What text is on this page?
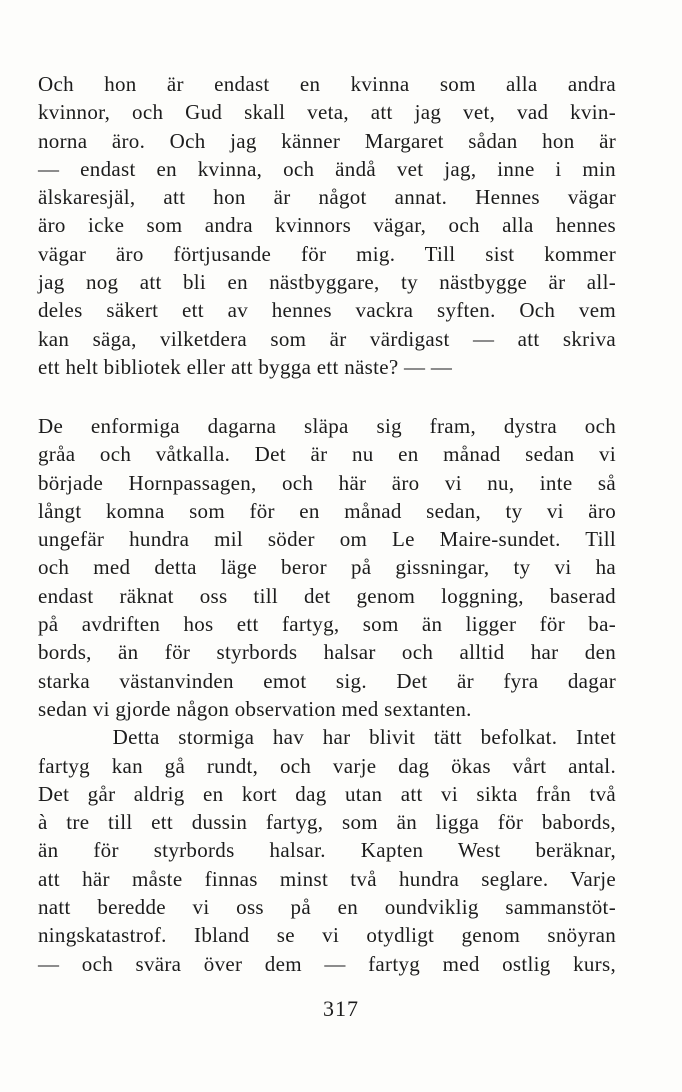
Och hon är endast en kvinna som alla andra
kvinnor, och Gud skall veta, att jag vet, vad kvin-
norna äro. Och jag känner Margaret sådan hon är
— endast en kvinna, och ändå vet jag, inne i min
älskaresjäl, att hon är något annat. Hennes vägar
äro icke som andra kvinnors vägar, och alla hennes
vägar äro förtjusande för mig. Till sist kommer
jag nog att bli en nästbyggare, ty nästbygge är all-
deles säkert ett av hennes vackra syften. Och vem
kan säga, vilketdera som är värdigast — att skriva
ett helt bibliotek eller att bygga ett näste? — —
De enformiga dagarna släpa sig fram, dystra och
gråa och våtkalla. Det är nu en månad sedan vi
började Hornpassagen, och här äro vi nu, inte så
långt komna som för en månad sedan, ty vi äro
ungefär hundra mil söder om Le Maire-sundet. Till
och med detta läge beror på gissningar, ty vi ha
endast räknat oss till det genom loggning, baserad
på avdriften hos ett fartyg, som än ligger för ba-
bords, än för styrbords halsar och alltid har den
starka västanvinden emot sig. Det är fyra dagar
sedan vi gjorde någon observation med sextanten.
Detta stormiga hav har blivit tätt befolkat. Intet
fartyg kan gå rundt, och varje dag ökas vårt antal.
Det går aldrig en kort dag utan att vi sikta från två
à tre till ett dussin fartyg, som än ligga för babords,
än för styrbords halsar. Kapten West beräknar,
att här måste finnas minst två hundra seglare. Varje
natt beredde vi oss på en oundviklig sammanstöt-
ningskatastrof. Ibland se vi otydligt genom snöyran
— och svära över dem — fartyg med ostlig kurs,
317
